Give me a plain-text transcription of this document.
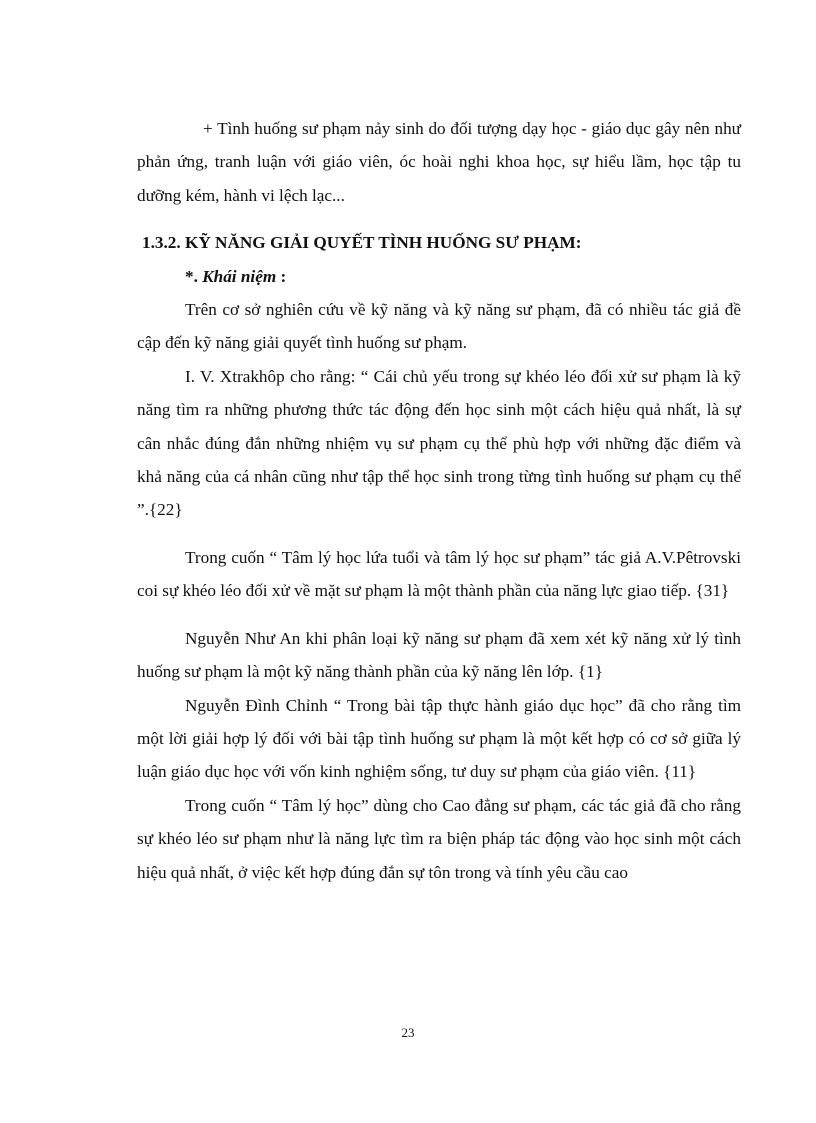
+ Tình huống sư phạm nảy sinh do đối tượng dạy học - giáo dục gây nên như phản ứng, tranh luận với giáo viên, óc hoài nghi khoa học, sự hiểu lầm, học tập tu dưỡng kém, hành vi lệch lạc...

1.3.2. KỸ NĂNG GIẢI QUYẾT TÌNH HUỐNG SƯ PHẠM:

*. Khái niệm :

Trên cơ sở nghiên cứu về kỹ năng và kỹ năng sư phạm, đã có nhiều tác giả đề cập đến kỹ năng giải quyết tình huống sư phạm.

I. V. Xtrakhôp cho rằng: “ Cái chủ yếu trong sự khéo léo đối xử sư phạm là kỹ năng tìm ra những phương thức tác động đến học sinh một cách hiệu quả nhất, là sự cân nhắc đúng đắn những nhiệm vụ sư phạm cụ thể phù hợp với những đặc điểm và khả năng của cá nhân cũng như tập thể học sinh trong từng tình huống sư phạm cụ thể ”.{22}

Trong cuốn “ Tâm lý học lứa tuổi và tâm lý học sư phạm” tác giả A.V.Pêtrovski coi sự khéo léo đối xử về mặt sư phạm là một thành phần của năng lực giao tiếp. {31}

Nguyễn Như An khi phân loại kỹ năng sư phạm đã xem xét kỹ năng xử lý tình huống sư phạm là một kỹ năng thành phần của kỹ năng lên lớp. {1}

Nguyễn Đình Chỉnh “ Trong bài tập thực hành giáo dục học” đã cho rằng tìm một lời giải hợp lý đối với bài tập tình huống sư phạm là một kết hợp có cơ sở giữa lý luận giáo dục học với vốn kinh nghiệm sống, tư duy sư phạm của giáo viên. {11}

Trong cuốn “ Tâm lý học” dùng cho Cao đẳng sư phạm, các tác giả đã cho rằng sự khéo léo sư phạm như là năng lực tìm ra biện pháp tác động vào học sinh một cách hiệu quả nhất, ở việc kết hợp đúng đắn sự tôn trong và tính yêu cầu cao

23
